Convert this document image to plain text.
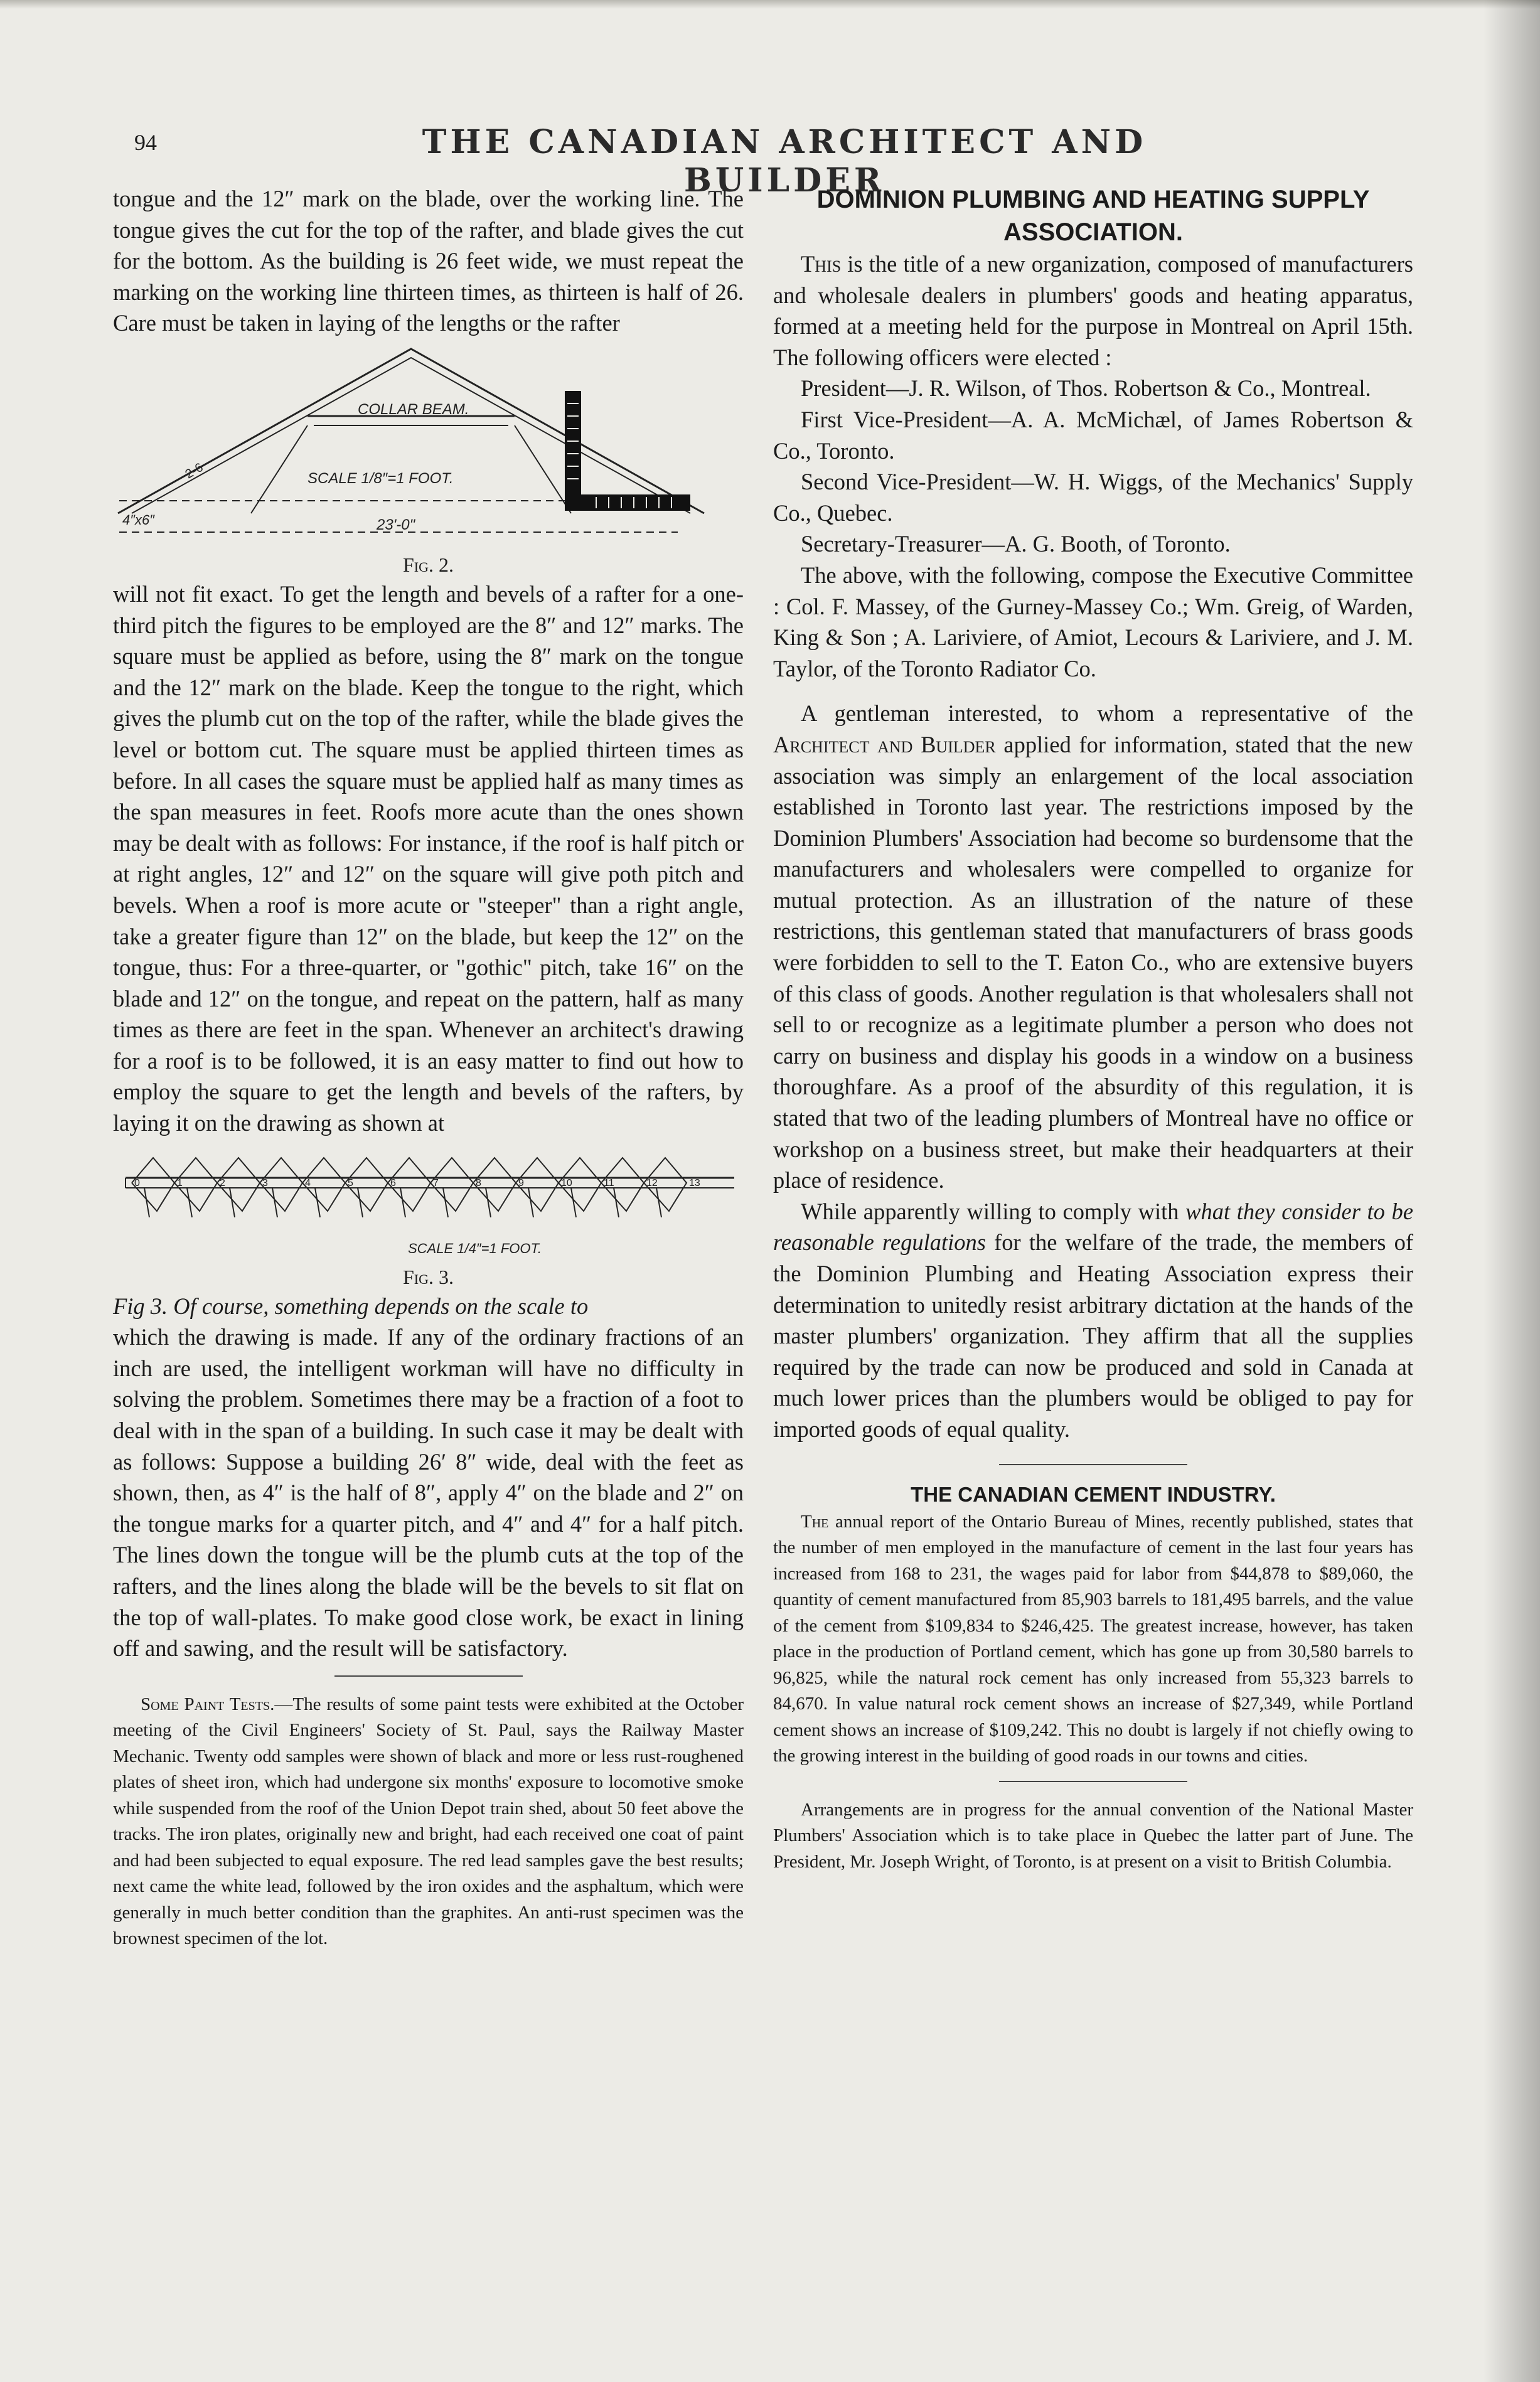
94	THE CANADIAN ARCHITECT AND BUILDER

tongue and the 12″ mark on the blade, over the working line. The tongue gives the cut for the top of the rafter, and blade gives the cut for the bottom. As the building is 26 feet wide, we must repeat the marking on the working line thirteen times, as thirteen is half of 26. Care must be taken in laying of the lengths or the rafter

COLLAR BEAM.
2-6	SCALE 1/8″=1 FOOT.
4″x6″	23'-0"

Fig. 2.

will not fit exact. To get the length and bevels of a rafter for a one-third pitch the figures to be employed are the 8″ and 12″ marks. The square must be applied as before, using the 8″ mark on the tongue and the 12″ mark on the blade. Keep the tongue to the right, which gives the plumb cut on the top of the rafter, while the blade gives the level or bottom cut. The square must be applied thirteen times as before. In all cases the square must be applied half as many times as the span measures in feet. Roofs more acute than the ones shown may be dealt with as follows: For instance, if the roof is half pitch or at right angles, 12″ and 12″ on the square will give poth pitch and bevels. When a roof is more acute or "steeper" than a right angle, take a greater figure than 12″ on the blade, but keep the 12″ on the tongue, thus: For a three-quarter, or "gothic" pitch, take 16″ on the blade and 12″ on the tongue, and repeat on the pattern, half as many times as there are feet in the span. Whenever an architect's drawing for a roof is to be followed, it is an easy matter to find out how to employ the square to get the length and bevels of the rafters, by laying it on the drawing as shown at

0	1	2	3	4	5	6	7	8	9	10	11	12	13
SCALE 1/4″=1 FOOT.

Fig. 3.

Fig 3. Of course, something depends on the scale to

which the drawing is made. If any of the ordinary fractions of an inch are used, the intelligent workman will have no difficulty in solving the problem. Sometimes there may be a fraction of a foot to deal with in the span of a building. In such case it may be dealt with as follows: Suppose a building 26′ 8″ wide, deal with the feet as shown, then, as 4″ is the half of 8″, apply 4″ on the blade and 2″ on the tongue marks for a quarter pitch, and 4″ and 4″ for a half pitch. The lines down the tongue will be the plumb cuts at the top of the rafters, and the lines along the blade will be the bevels to sit flat on the top of wall-plates. To make good close work, be exact in lining off and sawing, and the result will be satisfactory.

Some Paint Tests.—The results of some paint tests were exhibited at the October meeting of the Civil Engineers' Society of St. Paul, says the Railway Master Mechanic. Twenty odd samples were shown of black and more or less rust-roughened plates of sheet iron, which had undergone six months' exposure to locomotive smoke while suspended from the roof of the Union Depot train shed, about 50 feet above the tracks. The iron plates, originally new and bright, had each received one coat of paint and had been subjected to equal exposure. The red lead samples gave the best results; next came the white lead, followed by the iron oxides and the asphaltum, which were generally in much better condition than the graphites. An anti-rust specimen was the brownest specimen of the lot.

DOMINION PLUMBING AND HEATING SUPPLY ASSOCIATION.

This is the title of a new organization, composed of manufacturers and wholesale dealers in plumbers' goods and heating apparatus, formed at a meeting held for the purpose in Montreal on April 15th. The following officers were elected :

President—J. R. Wilson, of Thos. Robertson & Co., Montreal.

First Vice-President—A. A. McMichæl, of James Robertson & Co., Toronto.

Second Vice-President—W. H. Wiggs, of the Mechanics' Supply Co., Quebec.

Secretary-Treasurer—A. G. Booth, of Toronto.

The above, with the following, compose the Executive Committee : Col. F. Massey, of the Gurney-Massey Co.; Wm. Greig, of Warden, King & Son ; A. Lariviere, of Amiot, Lecours & Lariviere, and J. M. Taylor, of the Toronto Radiator Co.

A gentleman interested, to whom a representative of the Architect and Builder applied for information, stated that the new association was simply an enlargement of the local association established in Toronto last year. The restrictions imposed by the Dominion Plumbers' Association had become so burdensome that the manufacturers and wholesalers were compelled to organize for mutual protection. As an illustration of the nature of these restrictions, this gentleman stated that manufacturers of brass goods were forbidden to sell to the T. Eaton Co., who are extensive buyers of this class of goods. Another regulation is that wholesalers shall not sell to or recognize as a legitimate plumber a person who does not carry on business and display his goods in a window on a business thoroughfare. As a proof of the absurdity of this regulation, it is stated that two of the leading plumbers of Montreal have no office or workshop on a business street, but make their headquarters at their place of residence.

While apparently willing to comply with what they consider to be reasonable regulations for the welfare of the trade, the members of the Dominion Plumbing and Heating Association express their determination to unitedly resist arbitrary dictation at the hands of the master plumbers' organization. They affirm that all the supplies required by the trade can now be produced and sold in Canada at much lower prices than the plumbers would be obliged to pay for imported goods of equal quality.

THE CANADIAN CEMENT INDUSTRY.

The annual report of the Ontario Bureau of Mines, recently published, states that the number of men employed in the manufacture of cement in the last four years has increased from 168 to 231, the wages paid for labor from $44,878 to $89,060, the quantity of cement manufactured from 85,903 barrels to 181,495 barrels, and the value of the cement from $109,834 to $246,425. The greatest increase, however, has taken place in the production of Portland cement, which has gone up from 30,580 barrels to 96,825, while the natural rock cement has only increased from 55,323 barrels to 84,670. In value natural rock cement shows an increase of $27,349, while Portland cement shows an increase of $109,242. This no doubt is largely if not chiefly owing to the growing interest in the building of good roads in our towns and cities.

Arrangements are in progress for the annual convention of the National Master Plumbers' Association which is to take place in Quebec the latter part of June. The President, Mr. Joseph Wright, of Toronto, is at present on a visit to British Columbia.
